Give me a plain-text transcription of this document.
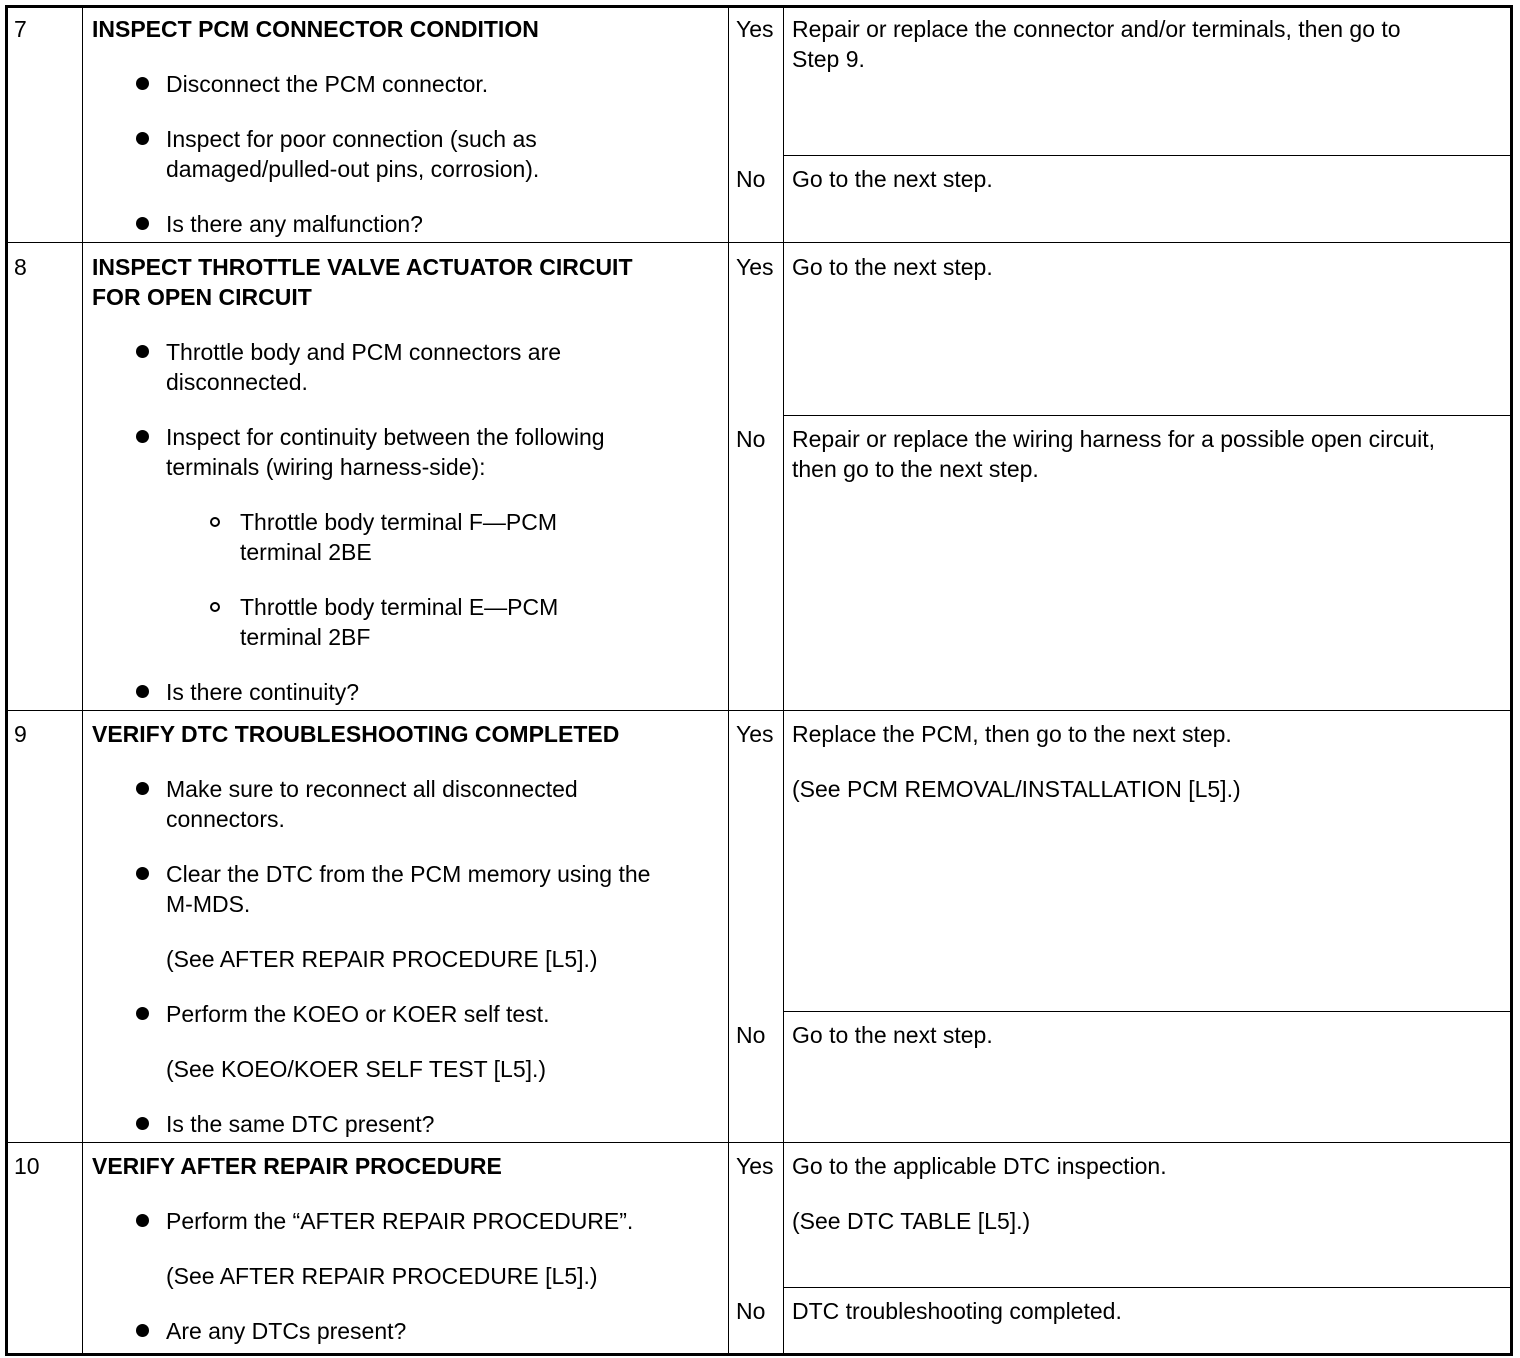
7	INSPECT PCM CONNECTOR CONDITION
Disconnect the PCM connector.
Inspect for poor connection (such as
damaged/pulled-out pins, corrosion).
Is there any malfunction?
Yes Repair or replace the connector and/or terminals, then go to
Step 9.
No Go to the next step.
8	INSPECT THROTTLE VALVE ACTUATOR CIRCUIT
FOR OPEN CIRCUIT
Throttle body and PCM connectors are
disconnected.
Inspect for continuity between the following
terminals (wiring harness-side):
Throttle body terminal F—PCM
terminal 2BE
Throttle body terminal E—PCM
terminal 2BF
Is there continuity?
Yes Go to the next step.
No Repair or replace the wiring harness for a possible open circuit,
then go to the next step.
9	VERIFY DTC TROUBLESHOOTING COMPLETED
Make sure to reconnect all disconnected
connectors.
Clear the DTC from the PCM memory using the
M-MDS.
(See AFTER REPAIR PROCEDURE [L5].)
Perform the KOEO or KOER self test.
(See KOEO/KOER SELF TEST [L5].)
Is the same DTC present?
Yes Replace the PCM, then go to the next step.
(See PCM REMOVAL/INSTALLATION [L5].)
No Go to the next step.
10 VERIFY AFTER REPAIR PROCEDURE
Perform the “AFTER REPAIR PROCEDURE”.
(See AFTER REPAIR PROCEDURE [L5].)
Are any DTCs present?
Yes Go to the applicable DTC inspection.
(See DTC TABLE [L5].)
No DTC troubleshooting completed.
